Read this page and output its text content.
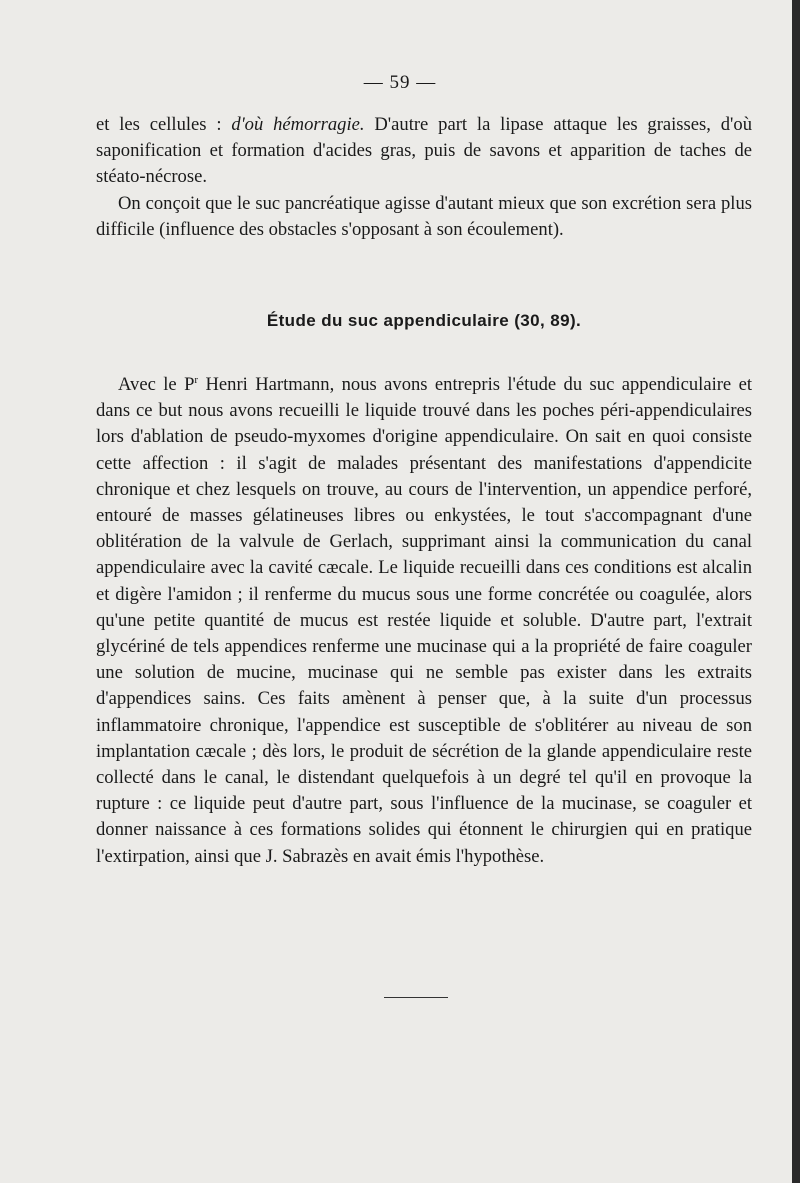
— 59 —

et les cellules : d'où hémorragie. D'autre part la lipase attaque les graisses, d'où saponification et formation d'acides gras, puis de savons et apparition de taches de stéato-nécrose.

On conçoit que le suc pancréatique agisse d'autant mieux que son excrétion sera plus difficile (influence des obstacles s'opposant à son écoulement).

Étude du suc appendiculaire (30, 89).

Avec le $P^r$ Henri Hartmann, nous avons entrepris l'étude du suc appendiculaire et dans ce but nous avons recueilli le liquide trouvé dans les poches péri-appendiculaires lors d'ablation de pseudo-myxomes d'origine appendiculaire. On sait en quoi consiste cette affection : il s'agit de malades présentant des manifestations d'appendicite chronique et chez lesquels on trouve, au cours de l'intervention, un appendice perforé, entouré de masses gélatineuses libres ou enkystées, le tout s'accompagnant d'une oblitération de la valvule de Gerlach, supprimant ainsi la communication du canal appendiculaire avec la cavité cæcale. Le liquide recueilli dans ces conditions est alcalin et digère l'amidon ; il renferme du mucus sous une forme concrétée ou coagulée, alors qu'une petite quantité de mucus est restée liquide et soluble. D'autre part, l'extrait glycériné de tels appendices renferme une mucinase qui a la propriété de faire coaguler une solution de mucine, mucinase qui ne semble pas exister dans les extraits d'appendices sains. Ces faits amènent à penser que, à la suite d'un processus inflammatoire chronique, l'appendice est susceptible de s'oblitérer au niveau de son implantation cæcale ; dès lors, le produit de sécrétion de la glande appendiculaire reste collecté dans le canal, le distendant quelquefois à un degré tel qu'il en provoque la rupture : ce liquide peut d'autre part, sous l'influence de la mucinase, se coaguler et donner naissance à ces formations solides qui étonnent le chirurgien qui en pratique l'extirpation, ainsi que J. Sabrazès en avait émis l'hypothèse.
